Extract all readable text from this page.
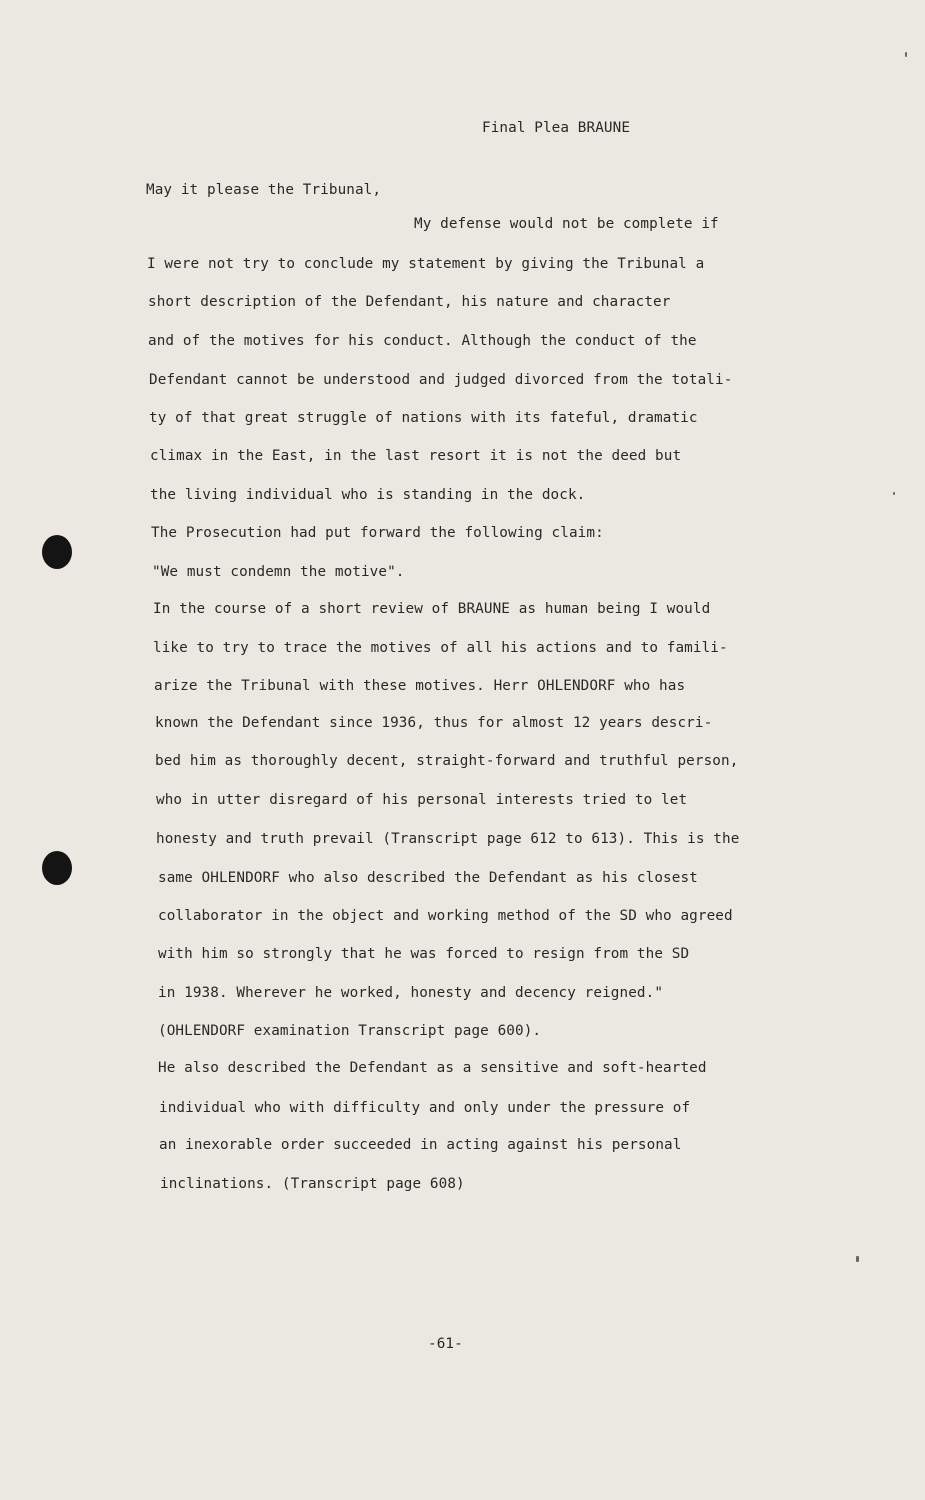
Final Plea BRAUNE
May it please the Tribunal,
My defense would not be complete if
I were not try to conclude my statement by giving the Tribunal a
short description of the Defendant, his nature and character
and of the motives for his conduct. Although the conduct of the
Defendant cannot be understood and judged divorced from the totali-
ty of that great struggle of nations with its fateful, dramatic
climax in the East, in the last resort it is not the deed but
the living individual who is standing in the dock.
The Prosecution had put forward the following claim:
"We must condemn the motive".
In the course of a short review of BRAUNE as human being I would
like to try to trace the motives of all his actions and to famili-
arize the Tribunal with these motives. Herr OHLENDORF who has
known the Defendant since 1936, thus for almost 12 years descri-
bed him as thoroughly decent, straight-forward and truthful person,
who in utter disregard of his personal interests tried to let
honesty and truth prevail (Transcript page 612 to 613). This is the
same OHLENDORF who also described the Defendant as his closest
collaborator in the object and working method of the SD who agreed
with him so strongly that he was forced to resign from the SD
in 1938. Wherever he worked, honesty and decency reigned."
(OHLENDORF examination Transcript page 600).
He also described the Defendant as a sensitive and soft-hearted
individual who with difficulty and only under the pressure of
an inexorable order succeeded in acting against his personal
inclinations. (Transcript page 608)
-61-
